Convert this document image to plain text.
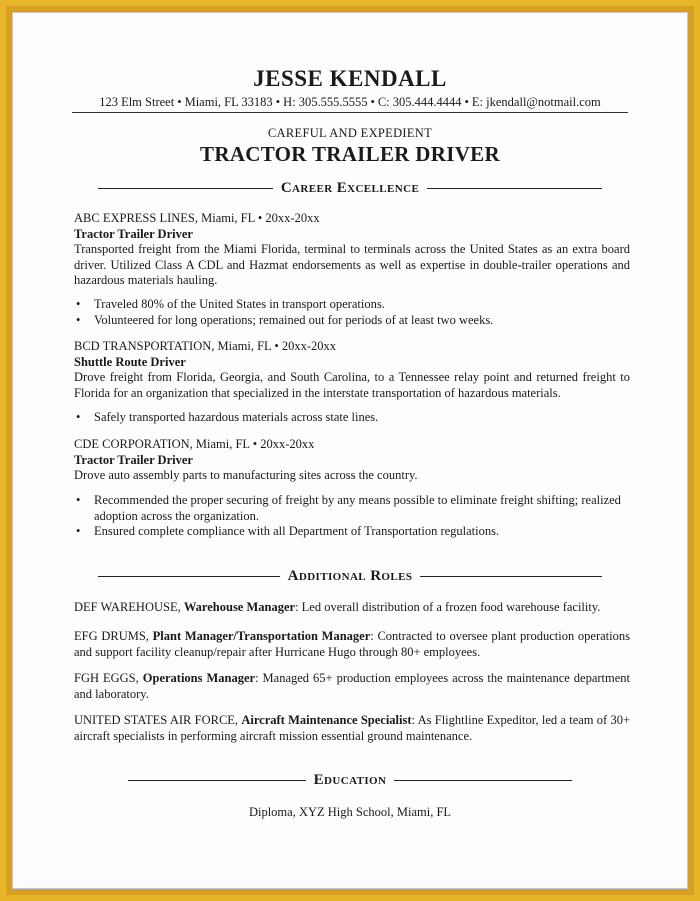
JESSE KENDALL
123 Elm Street • Miami, FL 33183 • H: 305.555.5555 • C: 305.444.4444 • E: jkendall@notmail.com
CAREFUL AND EXPEDIENT
TRACTOR TRAILER DRIVER
Career Excellence
ABC EXPRESS LINES, Miami, FL • 20xx-20xx
Tractor Trailer Driver
Transported freight from the Miami Florida, terminal to terminals across the United States as an extra board driver. Utilized Class A CDL and Hazmat endorsements as well as expertise in double-trailer operations and hazardous materials hauling.
• Traveled 80% of the United States in transport operations.
• Volunteered for long operations; remained out for periods of at least two weeks.
BCD TRANSPORTATION, Miami, FL • 20xx-20xx
Shuttle Route Driver
Drove freight from Florida, Georgia, and South Carolina, to a Tennessee relay point and returned freight to Florida for an organization that specialized in the interstate transportation of hazardous materials.
• Safely transported hazardous materials across state lines.
CDE CORPORATION, Miami, FL • 20xx-20xx
Tractor Trailer Driver
Drove auto assembly parts to manufacturing sites across the country.
• Recommended the proper securing of freight by any means possible to eliminate freight shifting; realized adoption across the organization.
• Ensured complete compliance with all Department of Transportation regulations.
Additional Roles

DEF WAREHOUSE, Warehouse Manager: Led overall distribution of a frozen food warehouse facility.

EFG DRUMS, Plant Manager/Transportation Manager: Contracted to oversee plant production operations and support facility cleanup/repair after Hurricane Hugo through 80+ employees.

FGH EGGS, Operations Manager: Managed 65+ production employees across the maintenance department and laboratory.

UNITED STATES AIR FORCE, Aircraft Maintenance Specialist: As Flightline Expeditor, led a team of 30+ aircraft specialists in performing aircraft mission essential ground maintenance.

Education
Diploma, XYZ High School, Miami, FL
